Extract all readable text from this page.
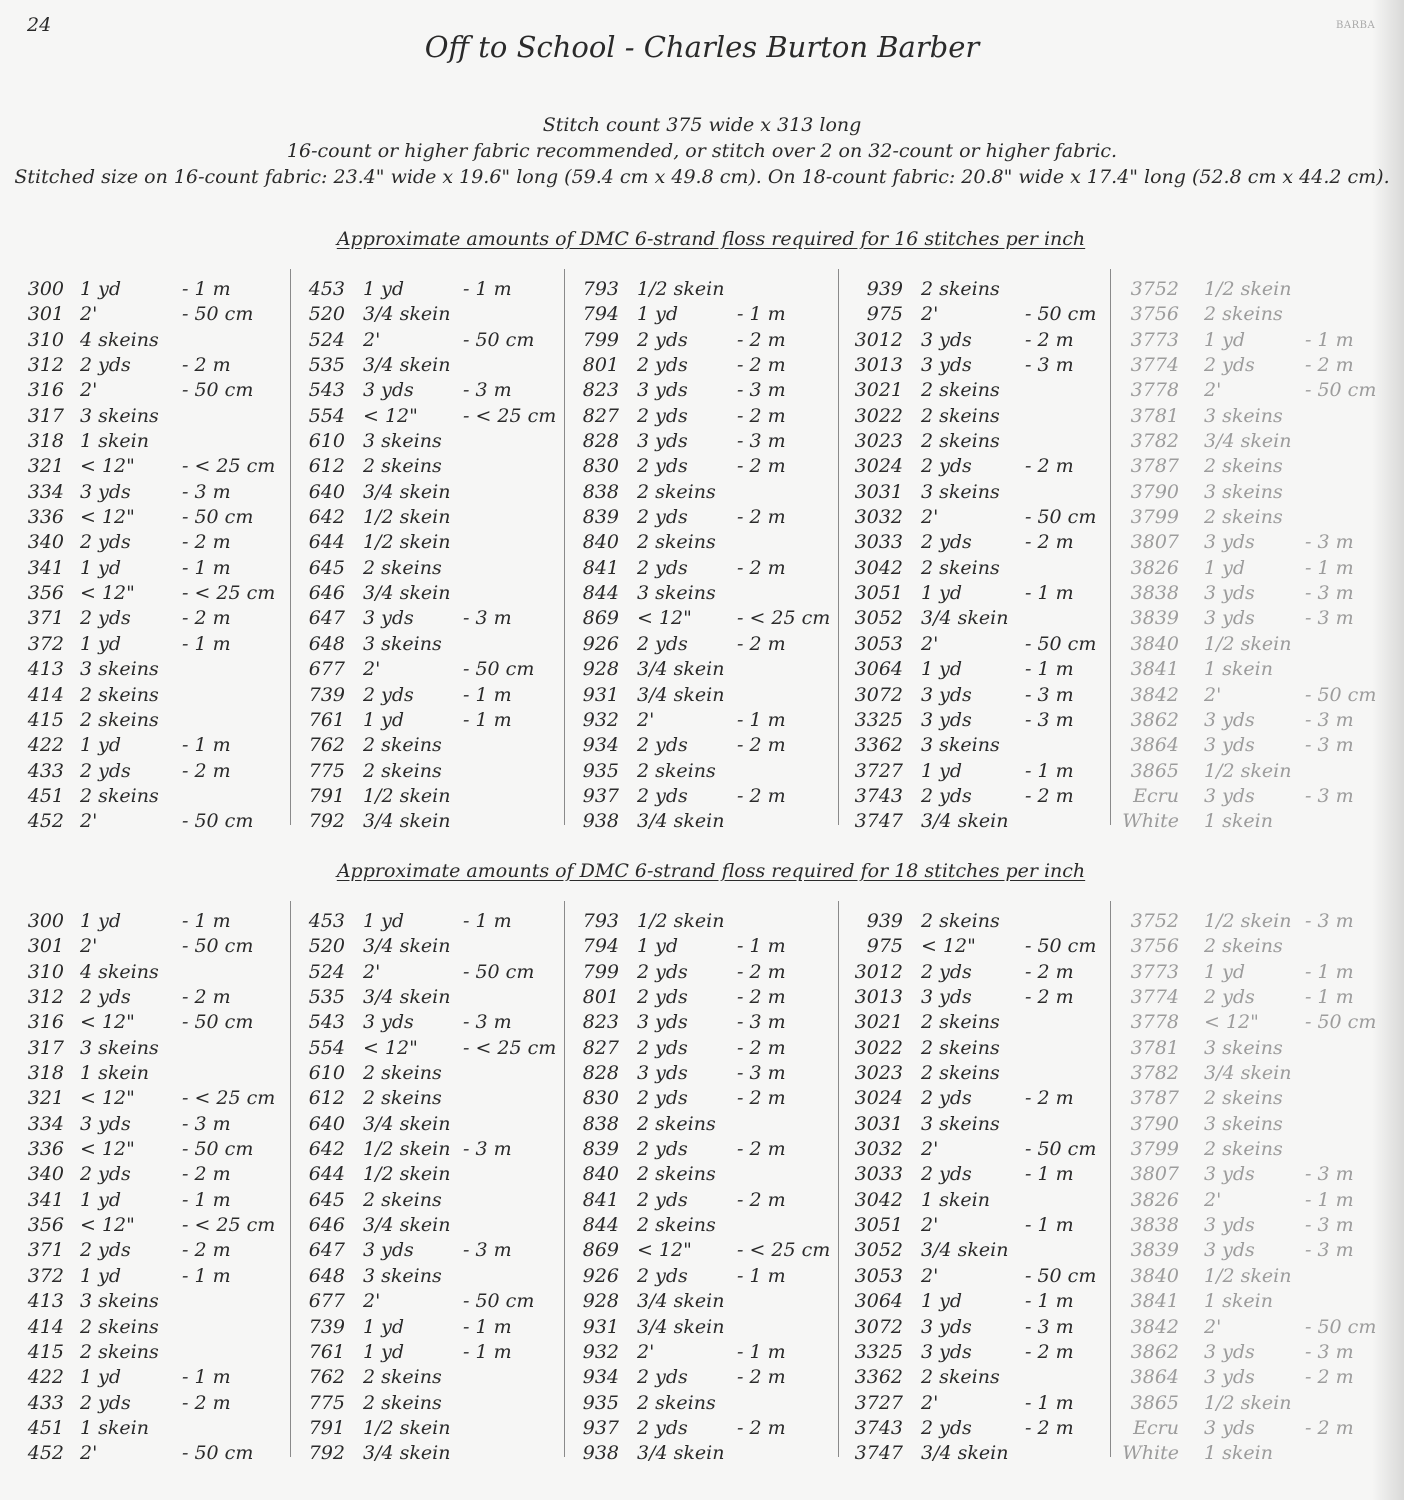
24	BARBA
Off to School - Charles Burton Barber
Stitch count 375 wide x 313 long
16-count or higher fabric recommended, or stitch over 2 on 32-count or higher fabric.
Stitched size on 16-count fabric: 23.4" wide x 19.6" long (59.4 cm x 49.8 cm). On 18-count fabric: 20.8" wide x 17.4" long (52.8 cm x 44.2 cm).
Approximate amounts of DMC 6-strand floss required for 16 stitches per inch
300 1 yd	- 1 m
301 2'	- 50 cm
310 4 skeins
312 2 yds	- 2 m
316 2'	- 50 cm
317 3 skeins
318 1 skein
321 < 12" - < 25 cm
334 3 yds	- 3 m
336 < 12" - 50 cm
340 2 yds	- 2 m
341 1 yd	- 1 m
356 < 12" - < 25 cm
371 2 yds	- 2 m
372 1 yd	- 1 m
413 3 skeins
414 2 skeins
415 2 skeins
422 1 yd	- 1 m
433 2 yds	- 2 m
451 2 skeins
452 2'	- 50 cm
453 1 yd	- 1 m
520 3/4 skein
524 2'	- 50 cm
535 3/4 skein
543 3 yds	- 3 m
554 < 12" - < 25 cm
610 3 skeins
612 2 skeins
640 3/4 skein
642 1/2 skein
644 1/2 skein
645 2 skeins
646 3/4 skein
647 3 yds	- 3 m
648 3 skeins
677 2'	- 50 cm
739 2 yds	- 1 m
761 1 yd	- 1 m
762 2 skeins
775 2 skeins
791 1/2 skein
792 3/4 skein
793 1/2 skein
794 1 yd	- 1 m
799 2 yds	- 2 m
801 2 yds	- 2 m
823 3 yds	- 3 m
827 2 yds	- 2 m
828 3 yds	- 3 m
830 2 yds	- 2 m
838 2 skeins
839 2 yds	- 2 m
840 2 skeins
841 2 yds	- 2 m
844 3 skeins
869 < 12" - < 25 cm
926 2 yds	- 2 m
928 3/4 skein
931 3/4 skein
932 2'	- 1 m
934 2 yds	- 2 m
935 2 skeins
937 2 yds	- 2 m
938 3/4 skein
939 2 skeins
975 2'	- 50 cm
3012 3 yds	- 2 m
3013 3 yds	- 3 m
3021 2 skeins
3022 2 skeins
3023 2 skeins
3024 2 yds	- 2 m
3031 3 skeins
3032 2'	- 50 cm
3033 2 yds	- 2 m
3042 2 skeins
3051 1 yd	- 1 m
3052 3/4 skein
3053 2'	- 50 cm
3064 1 yd	- 1 m
3072 3 yds	- 3 m
3325 3 yds	- 3 m
3362 3 skeins
3727 1 yd	- 1 m
3743 2 yds	- 2 m
3747 3/4 skein
3752 1/2 skein
3756 2 skeins
3773 1 yd	- 1 m
3774 2 yds	- 2 m
3778 2'	- 50 cm
3781 3 skeins
3782 3/4 skein
3787 2 skeins
3790 3 skeins
3799 2 skeins
3807 3 yds	- 3 m
3826 1 yd	- 1 m
3838 3 yds	- 3 m
3839 3 yds	- 3 m
3840 1/2 skein
3841 1 skein
3842 2'	- 50 cm
3862 3 yds	- 3 m
3864 3 yds	- 3 m
3865 1/2 skein
Ecru 3 yds	- 3 m
White 1 skein
Approximate amounts of DMC 6-strand floss required for 18 stitches per inch
300 1 yd	- 1 m
301 2'	- 50 cm
310 4 skeins
312 2 yds	- 2 m
316 < 12" - 50 cm
317 3 skeins
318 1 skein
321 < 12" - < 25 cm
334 3 yds	- 3 m
336 < 12" - 50 cm
340 2 yds	- 2 m
341 1 yd	- 1 m
356 < 12" - < 25 cm
371 2 yds	- 2 m
372 1 yd	- 1 m
413 3 skeins
414 2 skeins
415 2 skeins
422 1 yd	- 1 m
433 2 yds	- 2 m
451 1 skein
452 2'	- 50 cm
453 1 yd	- 1 m
520 3/4 skein
524 2'	- 50 cm
535 3/4 skein
543 3 yds	- 3 m
554 < 12" - < 25 cm
610 2 skeins
612 2 skeins
640 3/4 skein
642 1/2 skein - 3 m
644 1/2 skein
645 2 skeins
646 3/4 skein
647 3 yds	- 3 m
648 3 skeins
677 2'	- 50 cm
739 1 yd	- 1 m
761 1 yd	- 1 m
762 2 skeins
775 2 skeins
791 1/2 skein
792 3/4 skein
793 1/2 skein
794 1 yd	- 1 m
799 2 yds	- 2 m
801 2 yds	- 2 m
823 3 yds	- 3 m
827 2 yds	- 2 m
828 3 yds	- 3 m
830 2 yds	- 2 m
838 2 skeins
839 2 yds	- 2 m
840 2 skeins
841 2 yds	- 2 m
844 2 skeins
869 < 12" - < 25 cm
926 2 yds	- 1 m
928 3/4 skein
931 3/4 skein
932 2'	- 1 m
934 2 yds	- 2 m
935 2 skeins
937 2 yds	- 2 m
938 3/4 skein
939 2 skeins
975 < 12"	- 50 cm
3012 2 yds	- 2 m
3013 3 yds	- 2 m
3021 2 skeins
3022 2 skeins
3023 2 skeins
3024 2 yds	- 2 m
3031 3 skeins
3032 2'	- 50 cm
3033 2 yds	- 1 m
3042 1 skein
3051 2'	- 1 m
3052 3/4 skein
3053 2'	- 50 cm
3064 1 yd	- 1 m
3072 3 yds	- 3 m
3325 3 yds	- 2 m
3362 2 skeins
3727 2'	- 1 m
3743 2 yds	- 2 m
3747 3/4 skein
3752 1/2 skein - 3 m
3756 2 skeins
3773 1 yd	- 1 m
3774 2 yds	- 1 m
3778 < 12" - 50 cm
3781 3 skeins
3782 3/4 skein
3787 2 skeins
3790 3 skeins
3799 2 skeins
3807 3 yds	- 3 m
3826 2'	- 1 m
3838 3 yds	- 3 m
3839 3 yds	- 3 m
3840 1/2 skein
3841 1 skein
3842 2'	- 50 cm
3862 3 yds	- 3 m
3864 3 yds	- 2 m
3865 1/2 skein
Ecru 3 yds	- 2 m
White 1 skein
